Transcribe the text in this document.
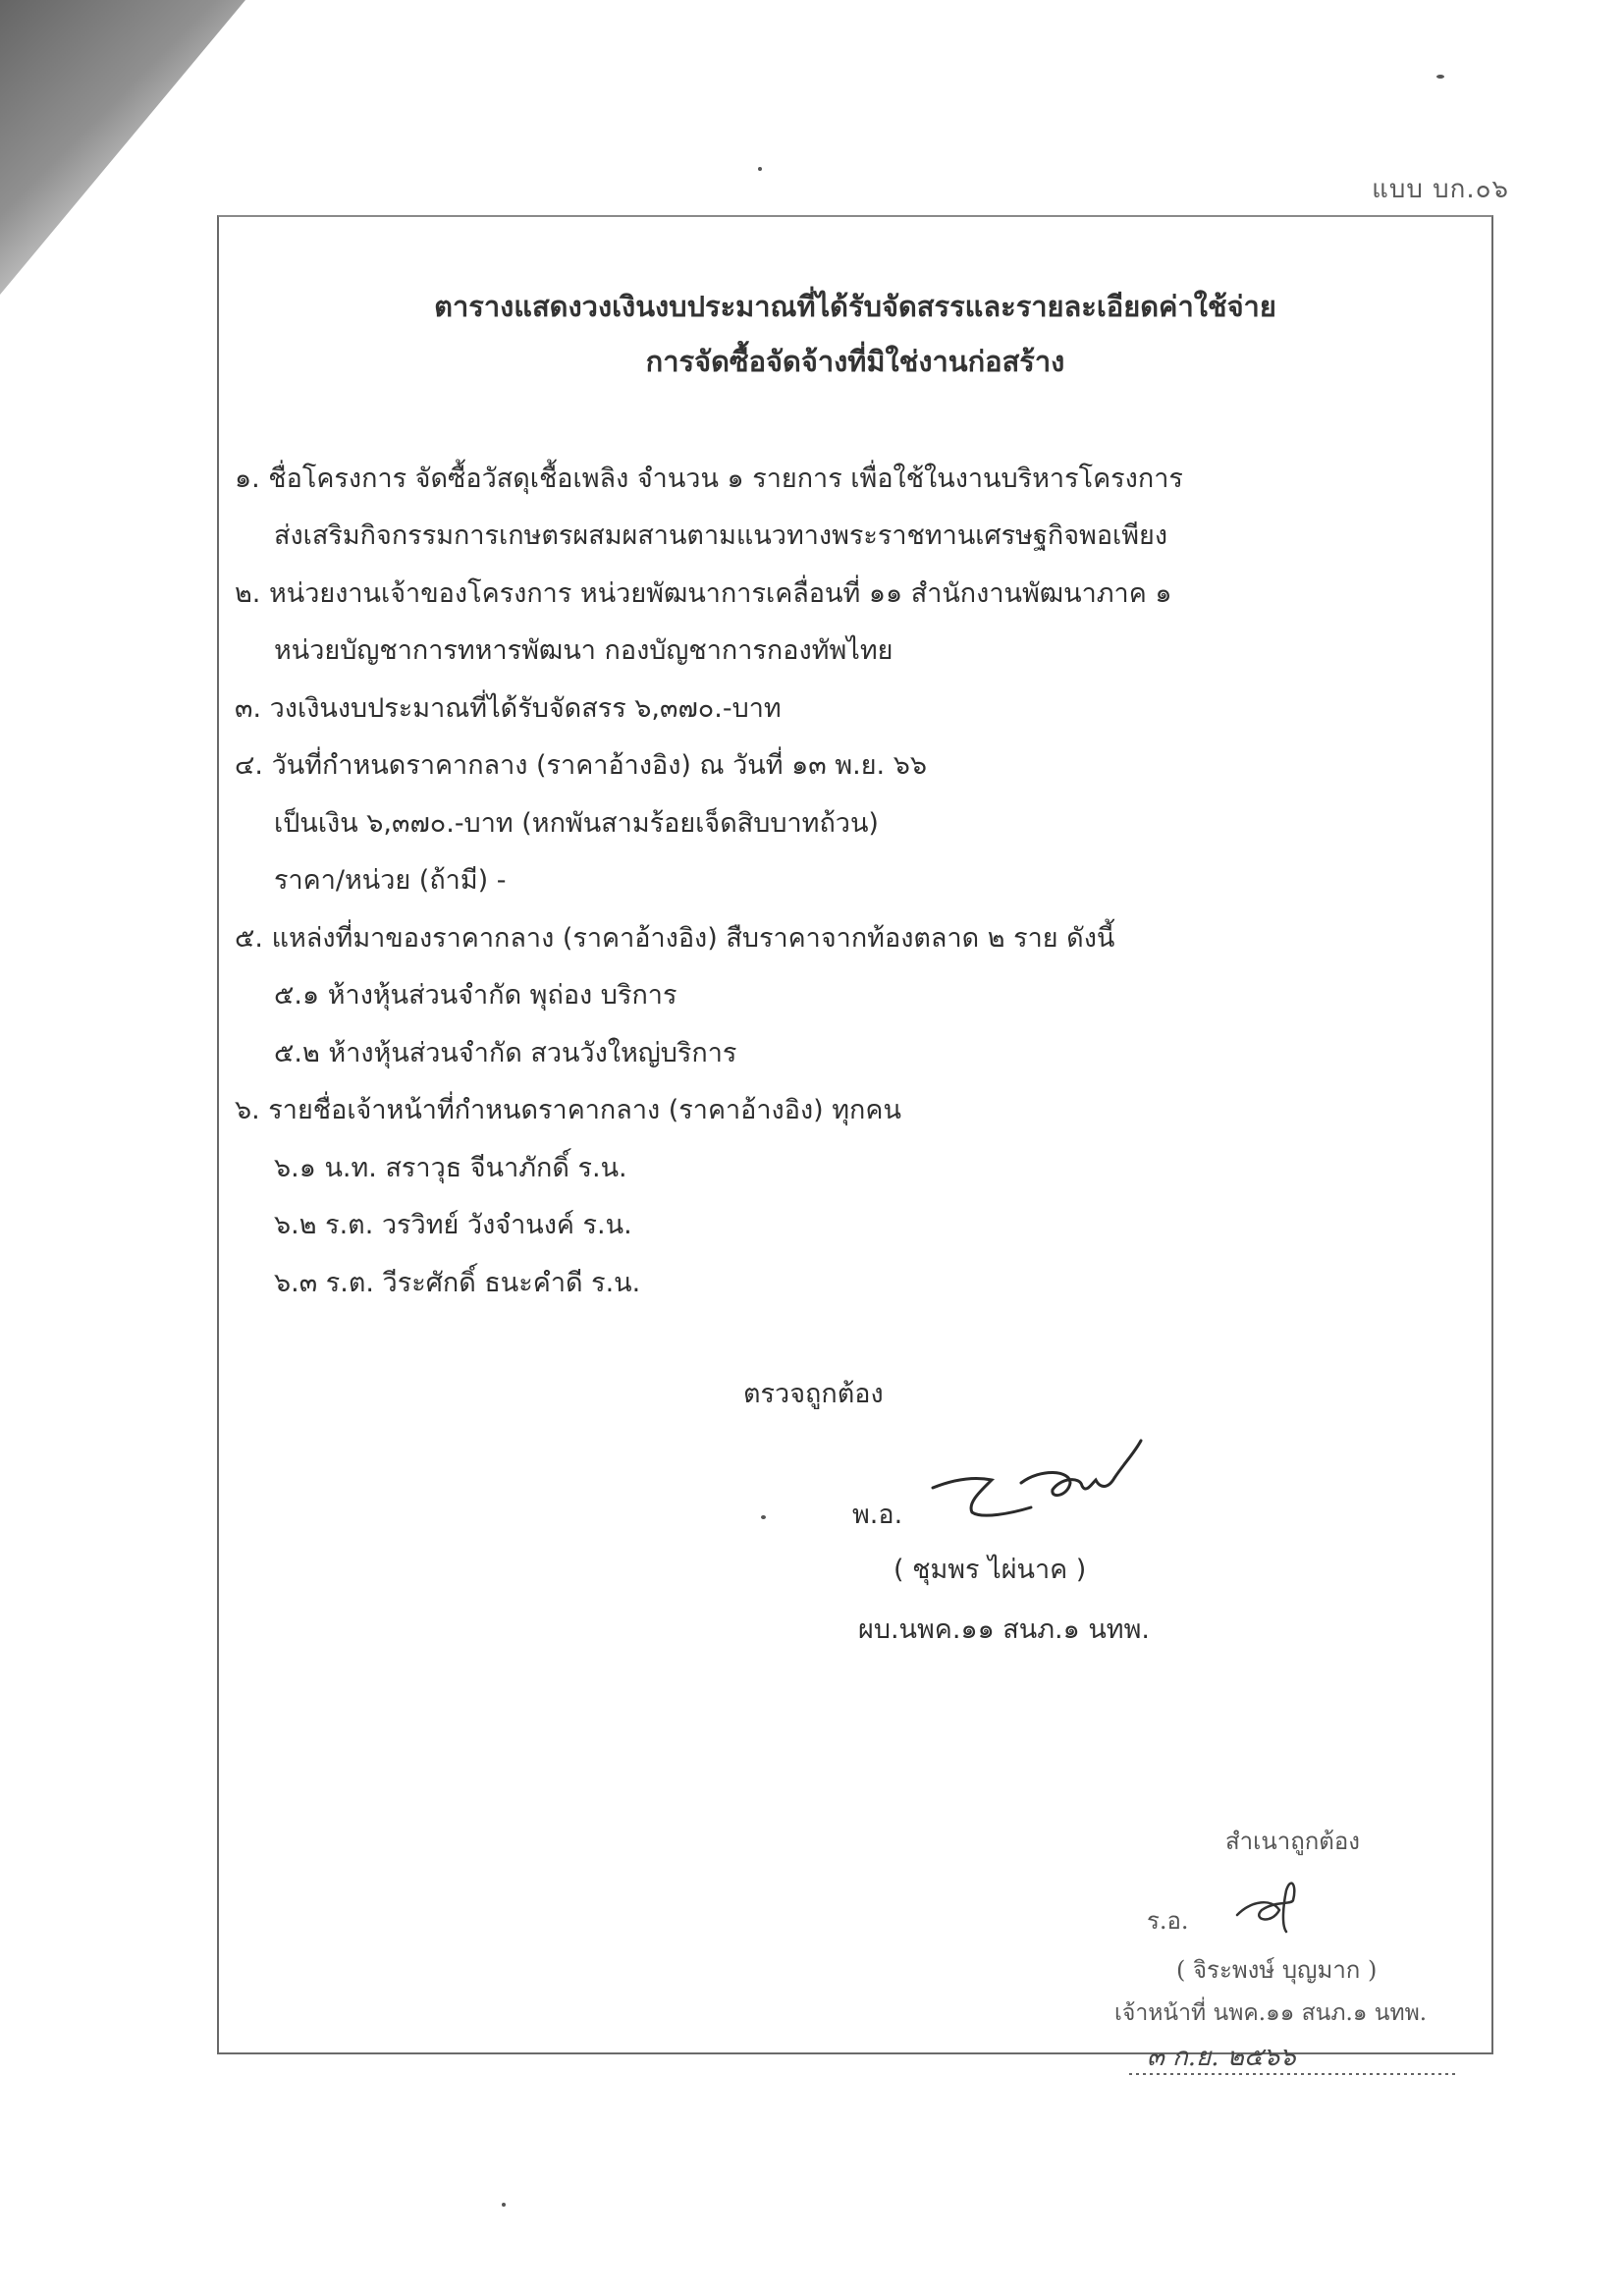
แบบ บก.๐๖
ตารางแสดงวงเงินงบประมาณที่ได้รับจัดสรรและรายละเอียดค่าใช้จ่าย
การจัดซื้อจัดจ้างที่มิใช่งานก่อสร้าง
๑. ชื่อโครงการ จัดซื้อวัสดุเชื้อเพลิง จำนวน ๑ รายการ เพื่อใช้ในงานบริหารโครงการ
ส่งเสริมกิจกรรมการเกษตรผสมผสานตามแนวทางพระราชทานเศรษฐกิจพอเพียง
๒. หน่วยงานเจ้าของโครงการ หน่วยพัฒนาการเคลื่อนที่ ๑๑ สำนักงานพัฒนาภาค ๑
หน่วยบัญชาการทหารพัฒนา กองบัญชาการกองทัพไทย
๓. วงเงินงบประมาณที่ได้รับจัดสรร ๖,๓๗๐.-บาท
๔. วันที่กำหนดราคากลาง (ราคาอ้างอิง) ณ วันที่ ๑๓ พ.ย. ๖๖
เป็นเงิน ๖,๓๗๐.-บาท (หกพันสามร้อยเจ็ดสิบบาทถ้วน)
ราคา/หน่วย (ถ้ามี) -
๕. แหล่งที่มาของราคากลาง (ราคาอ้างอิง) สืบราคาจากท้องตลาด ๒ ราย ดังนี้
๕.๑ ห้างหุ้นส่วนจำกัด พุถ่อง บริการ
๕.๒ ห้างหุ้นส่วนจำกัด สวนวังใหญ่บริการ
๖. รายชื่อเจ้าหน้าที่กำหนดราคากลาง (ราคาอ้างอิง) ทุกคน
๖.๑ น.ท. สราวุธ จีนาภักดิ์ ร.น.
๖.๒ ร.ต. วรวิทย์ วังจำนงค์ ร.น.
๖.๓ ร.ต. วีระศักดิ์ ธนะคำดี ร.น.
ตรวจถูกต้อง
พ.อ.
( ชุมพร ไผ่นาค )
ผบ.นพค.๑๑ สนภ.๑ นทพ.
สำเนาถูกต้อง
ร.อ.
( จิระพงษ์ บุญมาก )
เจ้าหน้าที่ นพค.๑๑ สนภ.๑ นทพ.
๓ ก.ย. ๒๕๖๖
